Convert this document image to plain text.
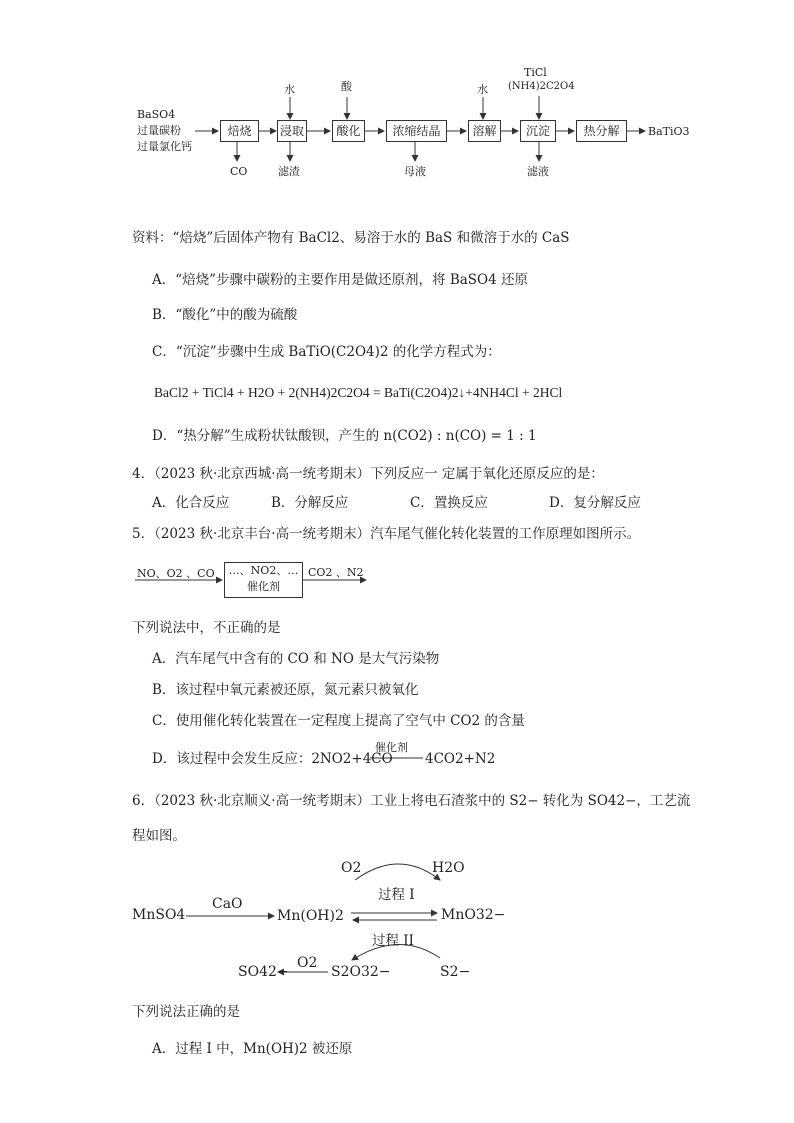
BaSO4
过量碳粉
过量氯化钙
焙烧	浸取	酸化	浓缩结晶	溶解	沉淀	热分解	BaTiO3
水	酸	水
TiCl
(NH4)2C2O4
CO	滤渣	母液	滤液
资料：“焙烧”后固体产物有 BaCl2、易溶于水的 BaS 和微溶于水的 CaS
A．“焙烧”步骤中碳粉的主要作用是做还原剂，将 BaSO4 还原
B．“酸化”中的酸为硫酸
C．“沉淀”步骤中生成 BaTiO(C2O4)2 的化学方程式为：
BaCl2 + TiCl4 + H2O + 2(NH4)2C2O4 = BaTi(C2O4)2↓+4NH4Cl + 2HCl
D．“热分解”生成粉状钛酸钡，产生的 n(CO2) : n(CO) = 1 : 1
4．（2023 秋·北京西城·高一统考期末）下列反应一 定属于氧化还原反应的是：
A．化合反应	B．分解反应	C．置换反应	D．复分解反应
5．（2023 秋·北京丰台·高一统考期末）汽车尾气催化转化装置的工作原理如图所示。
NO、O2 、CO	…、NO2、…
催化剂
CO2 、N2
下列说法中，不正确的是
A．汽车尾气中含有的 CO 和 NO 是大气污染物
B．该过程中氧元素被还原，氮元素只被氧化
C．使用催化转化装置在一定程度上提高了空气中 CO2 的含量
D．该过程中会发生反应：2NO2+4CO
催化剂
4CO2+N2
6．（2023 秋·北京顺义·高一统考期末）工业上将电石渣浆中的 S2− 转化为 SO42−，工艺流
程如图。
MnSO4
CaO
Mn(OH)2	MnO32−
O2	H2O
过程 I
过程 II
S2−
S2O32−
O2
SO42−
下列说法正确的是
A．过程 I 中，Mn(OH)2 被还原
